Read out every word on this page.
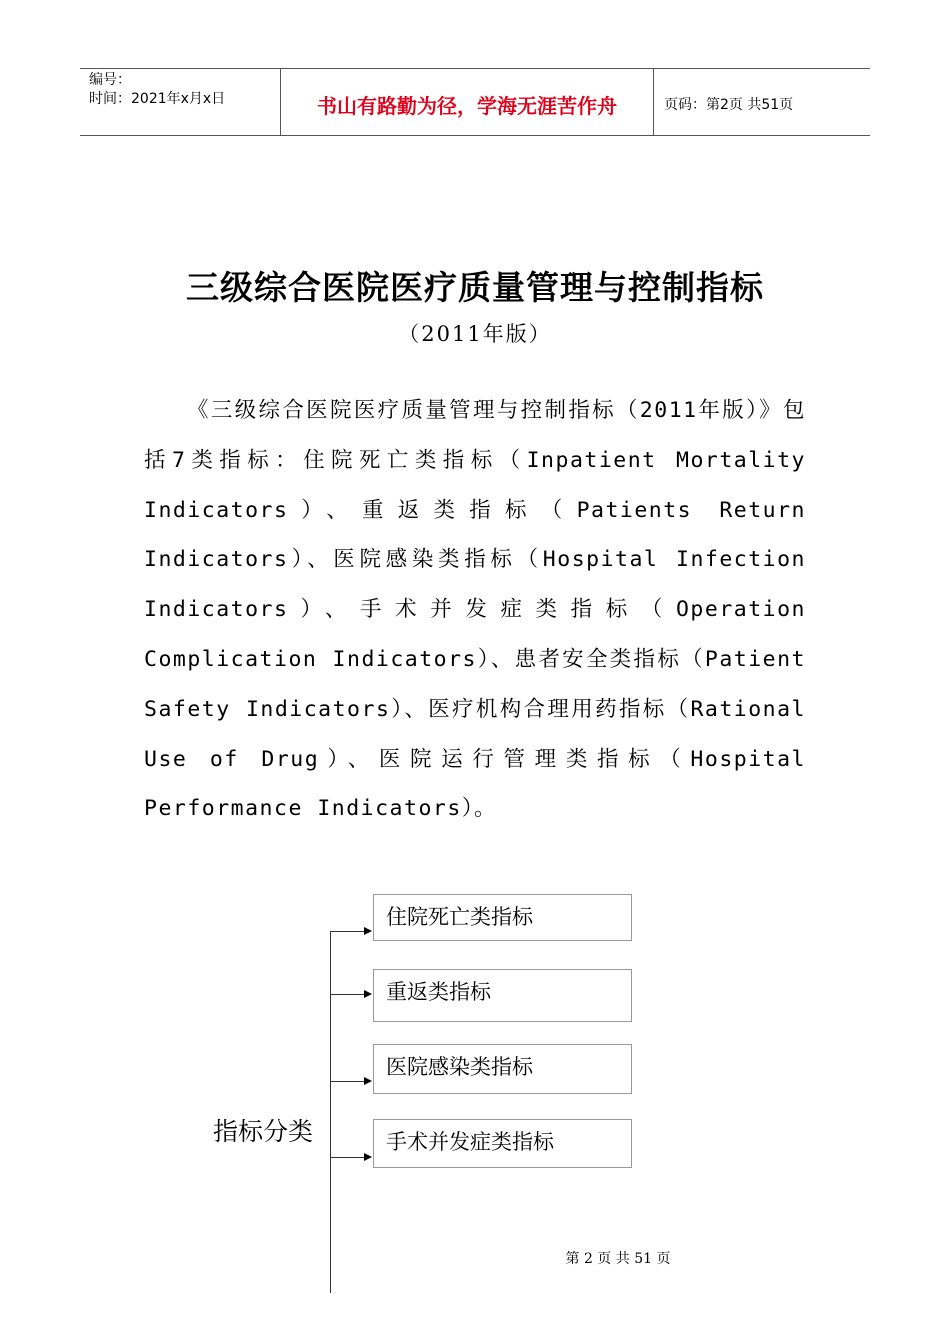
编号：
时间：2021年x月x日	书山有路勤为径，学海无涯苦作舟	页码：第2页 共51页
三级综合医院医疗质量管理与控制指标
（2011年版）
《三级综合医院医疗质量管理与控制指标（2011年版）》包括7类指标：住院死亡类指标（Inpatient Mortality Indicators）、重返类指标（Patients Return Indicators）、医院感染类指标（Hospital Infection Indicators）、手术并发症类指标（Operation Complication Indicators）、患者安全类指标（Patient Safety Indicators）、医疗机构合理用药指标（Rational Use of Drug）、医院运行管理类指标（Hospital Performance Indicators）。
住院死亡类指标
重返类指标
医院感染类指标
手术并发症类指标
指标分类
第 2 页 共 51 页
